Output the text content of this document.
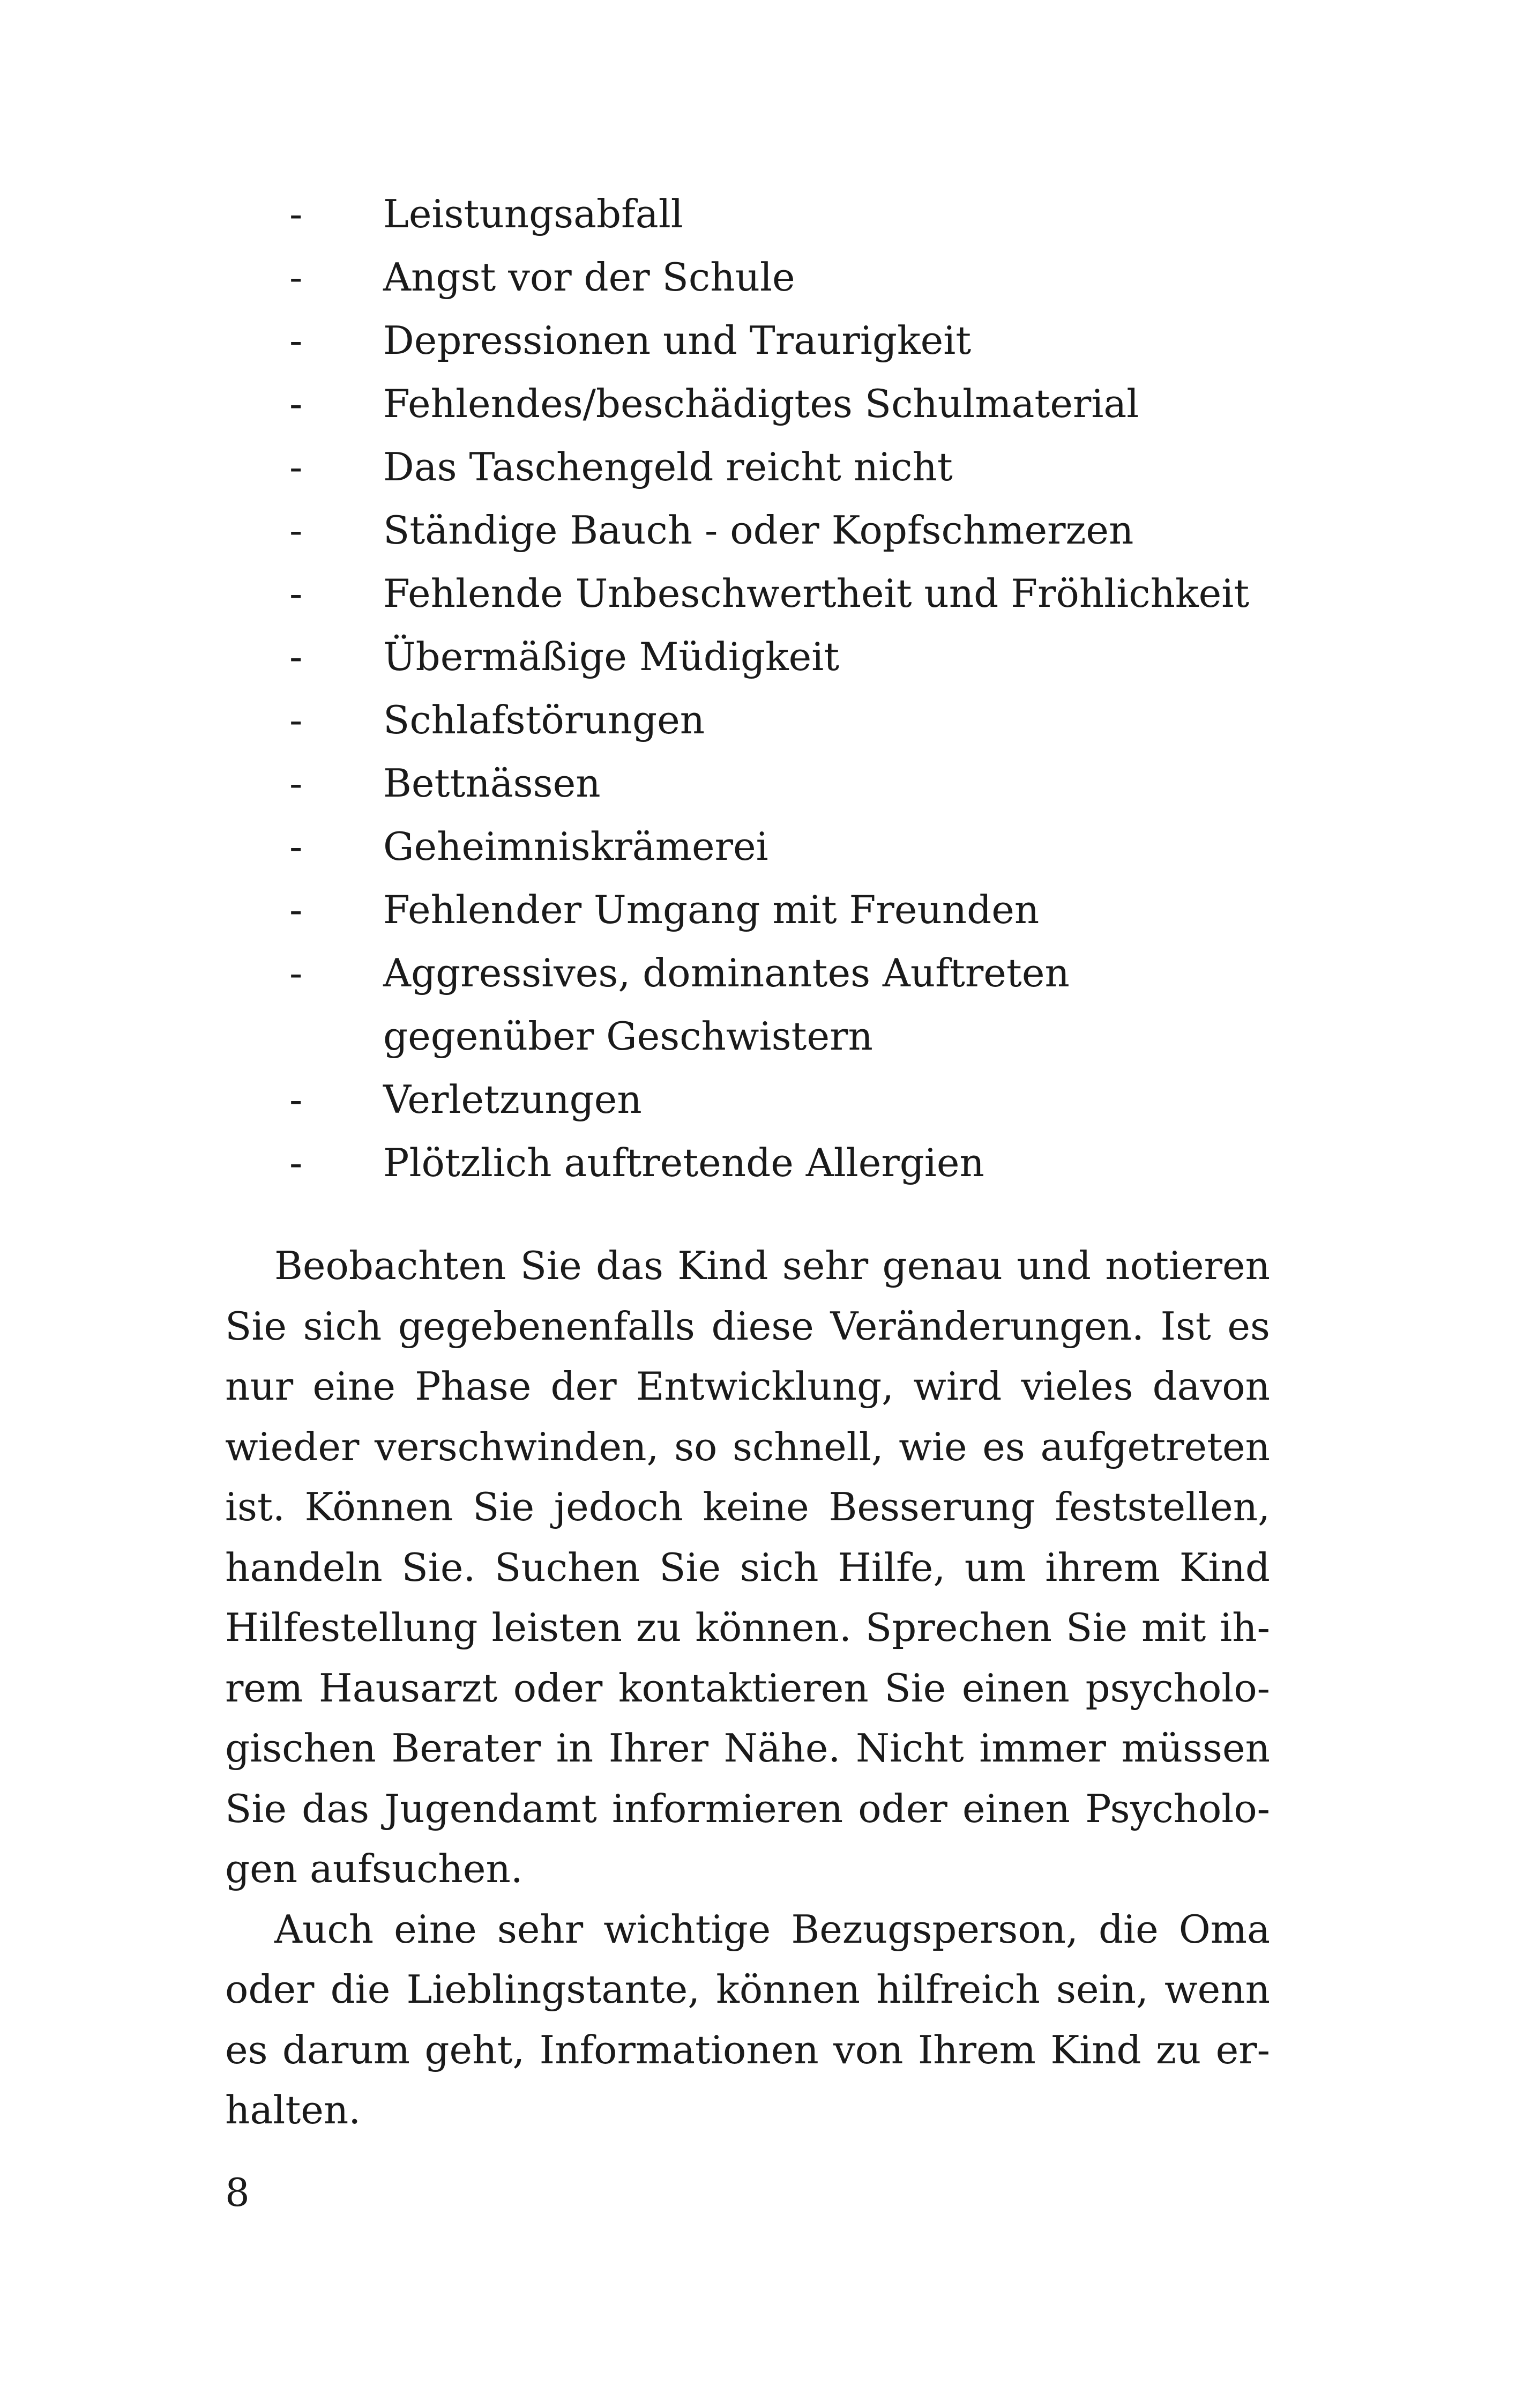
- Leistungsabfall
- Angst vor der Schule
- Depressionen und Traurigkeit
- Fehlendes/beschädigtes Schulmaterial
- Das Taschengeld reicht nicht
- Ständige Bauch - oder Kopfschmerzen
- Fehlende Unbeschwertheit und Fröhlichkeit
- Übermäßige Müdigkeit
- Schlafstörungen
- Bettnässen
- Geheimniskrämerei
- Fehlender Umgang mit Freunden
- Aggressives, dominantes Auftreten
gegenüber Geschwistern
- Verletzungen
- Plötzlich auftretende Allergien

Beobachten Sie das Kind sehr genau und notieren Sie sich gegebenenfalls diese Veränderungen. Ist es nur eine Phase der Entwicklung, wird vieles davon wieder verschwinden, so schnell, wie es aufgetreten ist. Können Sie jedoch keine Besserung feststellen, handeln Sie. Suchen Sie sich Hilfe, um ihrem Kind Hilfestellung leisten zu können. Sprechen Sie mit ihrem Hausarzt oder kontaktieren Sie einen psychologischen Berater in Ihrer Nähe. Nicht immer müssen Sie das Jugendamt informieren oder einen Psychologen aufsuchen.

Auch eine sehr wichtige Bezugsperson, die Oma oder die Lieblingstante, können hilfreich sein, wenn es darum geht, Informationen von Ihrem Kind zu erhalten.

8
